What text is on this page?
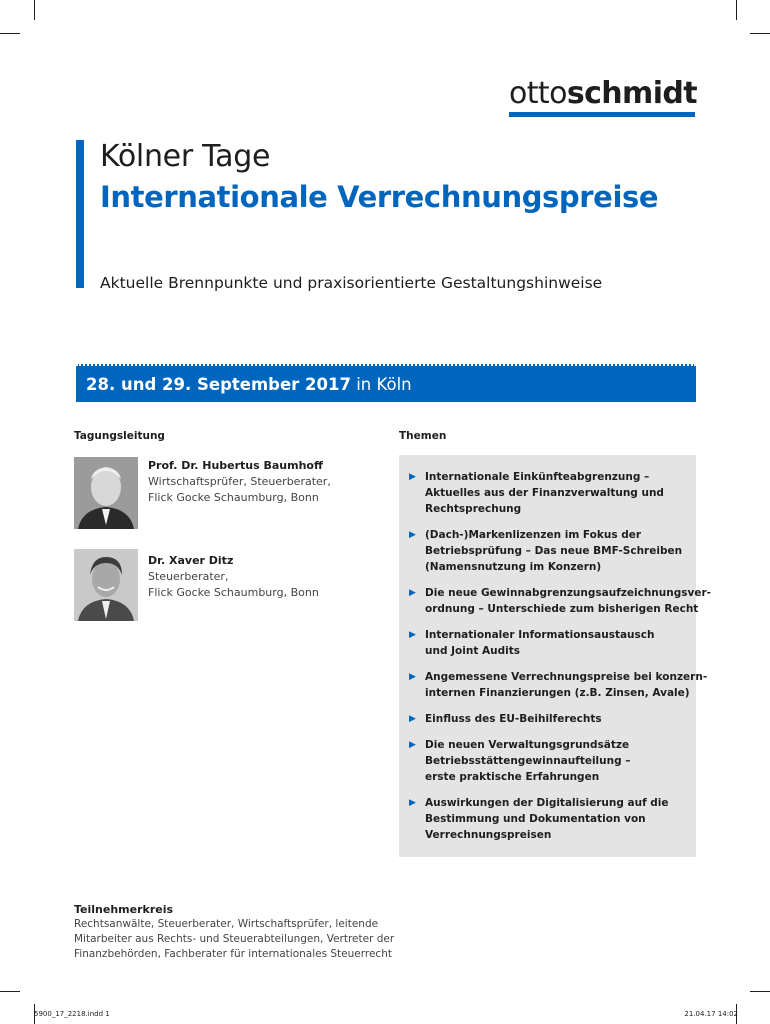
ottoschmidt
Kölner Tage
Internationale Verrechnungspreise
Aktuelle Brennpunkte und praxisorientierte Gestaltungshinweise
28. und 29. September 2017 in Köln
Tagungsleitung
Prof. Dr. Hubertus Baumhoff
Wirtschaftsprüfer, Steuerberater,
Flick Gocke Schaumburg, Bonn
Dr. Xaver Ditz
Steuerberater,
Flick Gocke Schaumburg, Bonn
Themen
▶ Internationale Einkünfteabgrenzung –
Aktuelles aus der Finanzverwaltung und
Rechtsprechung
▶ (Dach-)Markenlizenzen im Fokus der
Betriebsprüfung – Das neue BMF-Schreiben
(Namensnutzung im Konzern)
▶ Die neue Gewinnabgrenzungsaufzeichnungsver-
ordnung – Unterschiede zum bisherigen Recht
▶ Internationaler Informationsaustausch
und Joint Audits
▶ Angemessene Verrechnungspreise bei konzern-
internen Finanzierungen (z.B. Zinsen, Avale)
▶ Einfluss des EU-Beihilferechts
▶ Die neuen Verwaltungsgrundsätze
Betriebsstättengewinnaufteilung –
erste praktische Erfahrungen
▶ Auswirkungen der Digitalisierung auf die
Bestimmung und Dokumentation von
Verrechnungspreisen
Teilnehmerkreis
Rechtsanwälte, Steuerberater, Wirtschaftsprüfer, leitende
Mitarbeiter aus Rechts- und Steuerabteilungen, Vertreter der
Finanzbehörden, Fachberater für internationales Steuerrecht
5900_17_2218.indd 1	21.04.17 14:02
